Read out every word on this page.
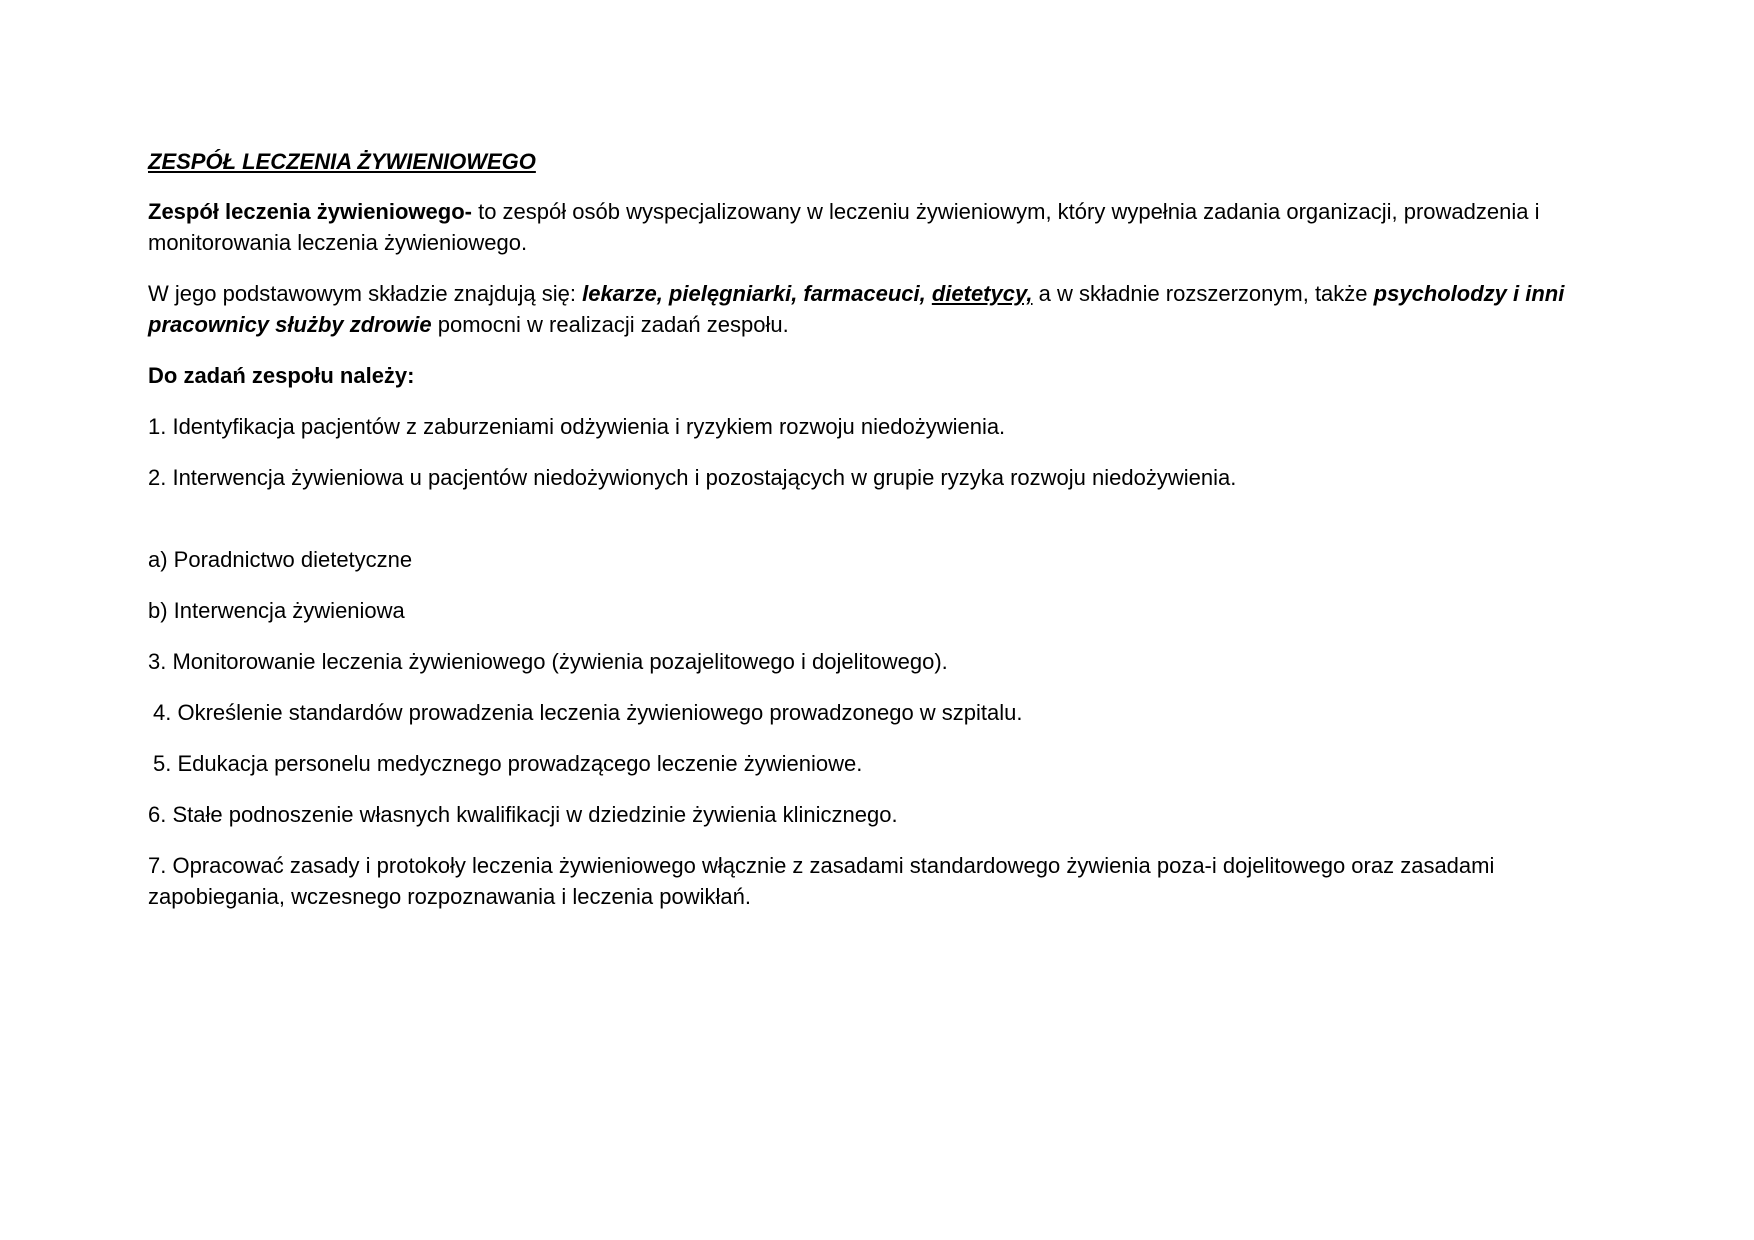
ZESPÓŁ LECZENIA ŻYWIENIOWEGO

Zespół leczenia żywieniowego- to zespół osób wyspecjalizowany w leczeniu żywieniowym, który wypełnia zadania organizacji, prowadzenia i monitorowania leczenia żywieniowego.

W jego podstawowym składzie znajdują się: lekarze, pielęgniarki, farmaceuci, dietetycy, a w składnie rozszerzonym, także psycholodzy i inni pracownicy służby zdrowie pomocni w realizacji zadań zespołu.

Do zadań zespołu należy:

1. Identyfikacja pacjentów z zaburzeniami odżywienia i ryzykiem rozwoju niedożywienia.

2. Interwencja żywieniowa u pacjentów niedożywionych i pozostających w grupie ryzyka rozwoju niedożywienia.

a) Poradnictwo dietetyczne

b) Interwencja żywieniowa

3. Monitorowanie leczenia żywieniowego (żywienia pozajelitowego i dojelitowego).

4. Określenie standardów prowadzenia leczenia żywieniowego prowadzonego w szpitalu.

5. Edukacja personelu medycznego prowadzącego leczenie żywieniowe.

6. Stałe podnoszenie własnych kwalifikacji w dziedzinie żywienia klinicznego.

7. Opracować zasady i protokoły leczenia żywieniowego włącznie z zasadami standardowego żywienia poza-i dojelitowego oraz zasadami zapobiegania, wczesnego rozpoznawania i leczenia powikłań.
